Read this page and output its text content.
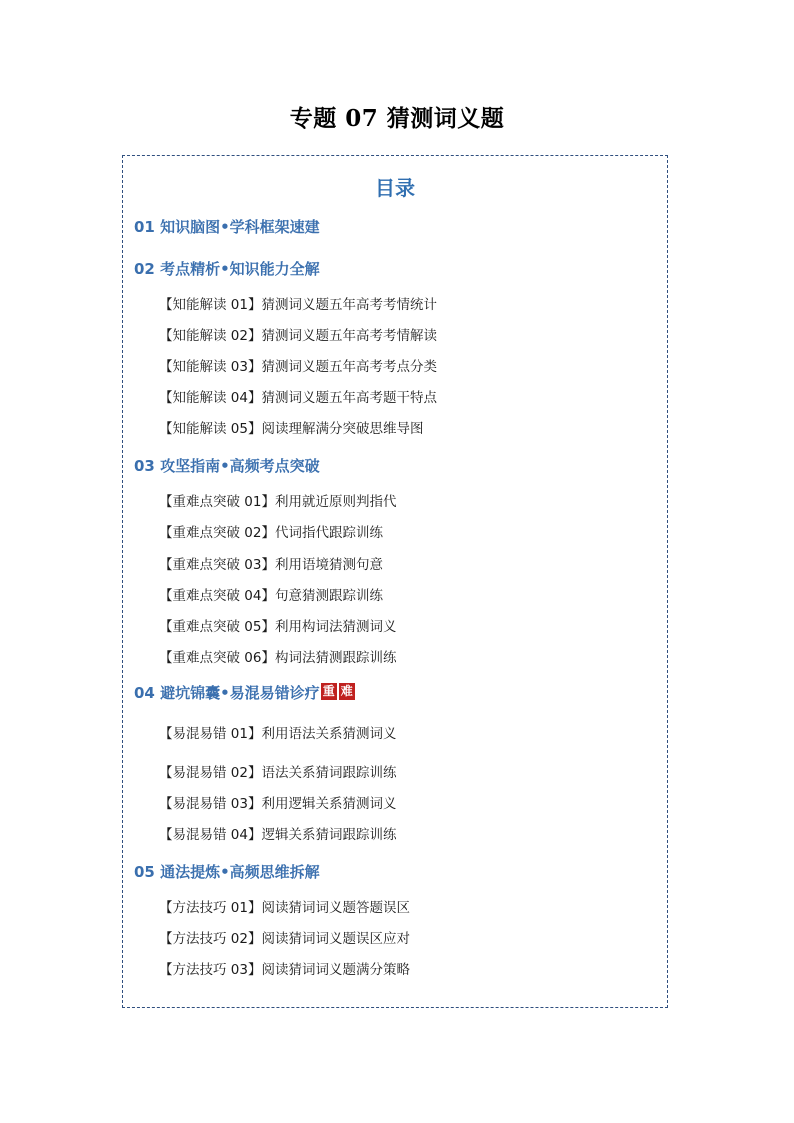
专题 07 猜测词义题
目录
01 知识脑图•学科框架速建
02 考点精析•知识能力全解
【知能解读 01】猜测词义题五年高考考情统计
【知能解读 02】猜测词义题五年高考考情解读
【知能解读 03】猜测词义题五年高考考点分类
【知能解读 04】猜测词义题五年高考题干特点
【知能解读 05】阅读理解满分突破思维导图
03 攻坚指南•高频考点突破
【重难点突破 01】利用就近原则判指代
【重难点突破 02】代词指代跟踪训练
【重难点突破 03】利用语境猜测句意
【重难点突破 04】句意猜测跟踪训练
【重难点突破 05】利用构词法猜测词义
【重难点突破 06】构词法猜测跟踪训练
04 避坑锦囊•易混易错诊疗 重 难
【易混易错 01】利用语法关系猜测词义
【易混易错 02】语法关系猜词跟踪训练
【易混易错 03】利用逻辑关系猜测词义
【易混易错 04】逻辑关系猜词跟踪训练
05 通法提炼•高频思维拆解
【方法技巧 01】阅读猜词词义题答题误区
【方法技巧 02】阅读猜词词义题误区应对
【方法技巧 03】阅读猜词词义题满分策略
